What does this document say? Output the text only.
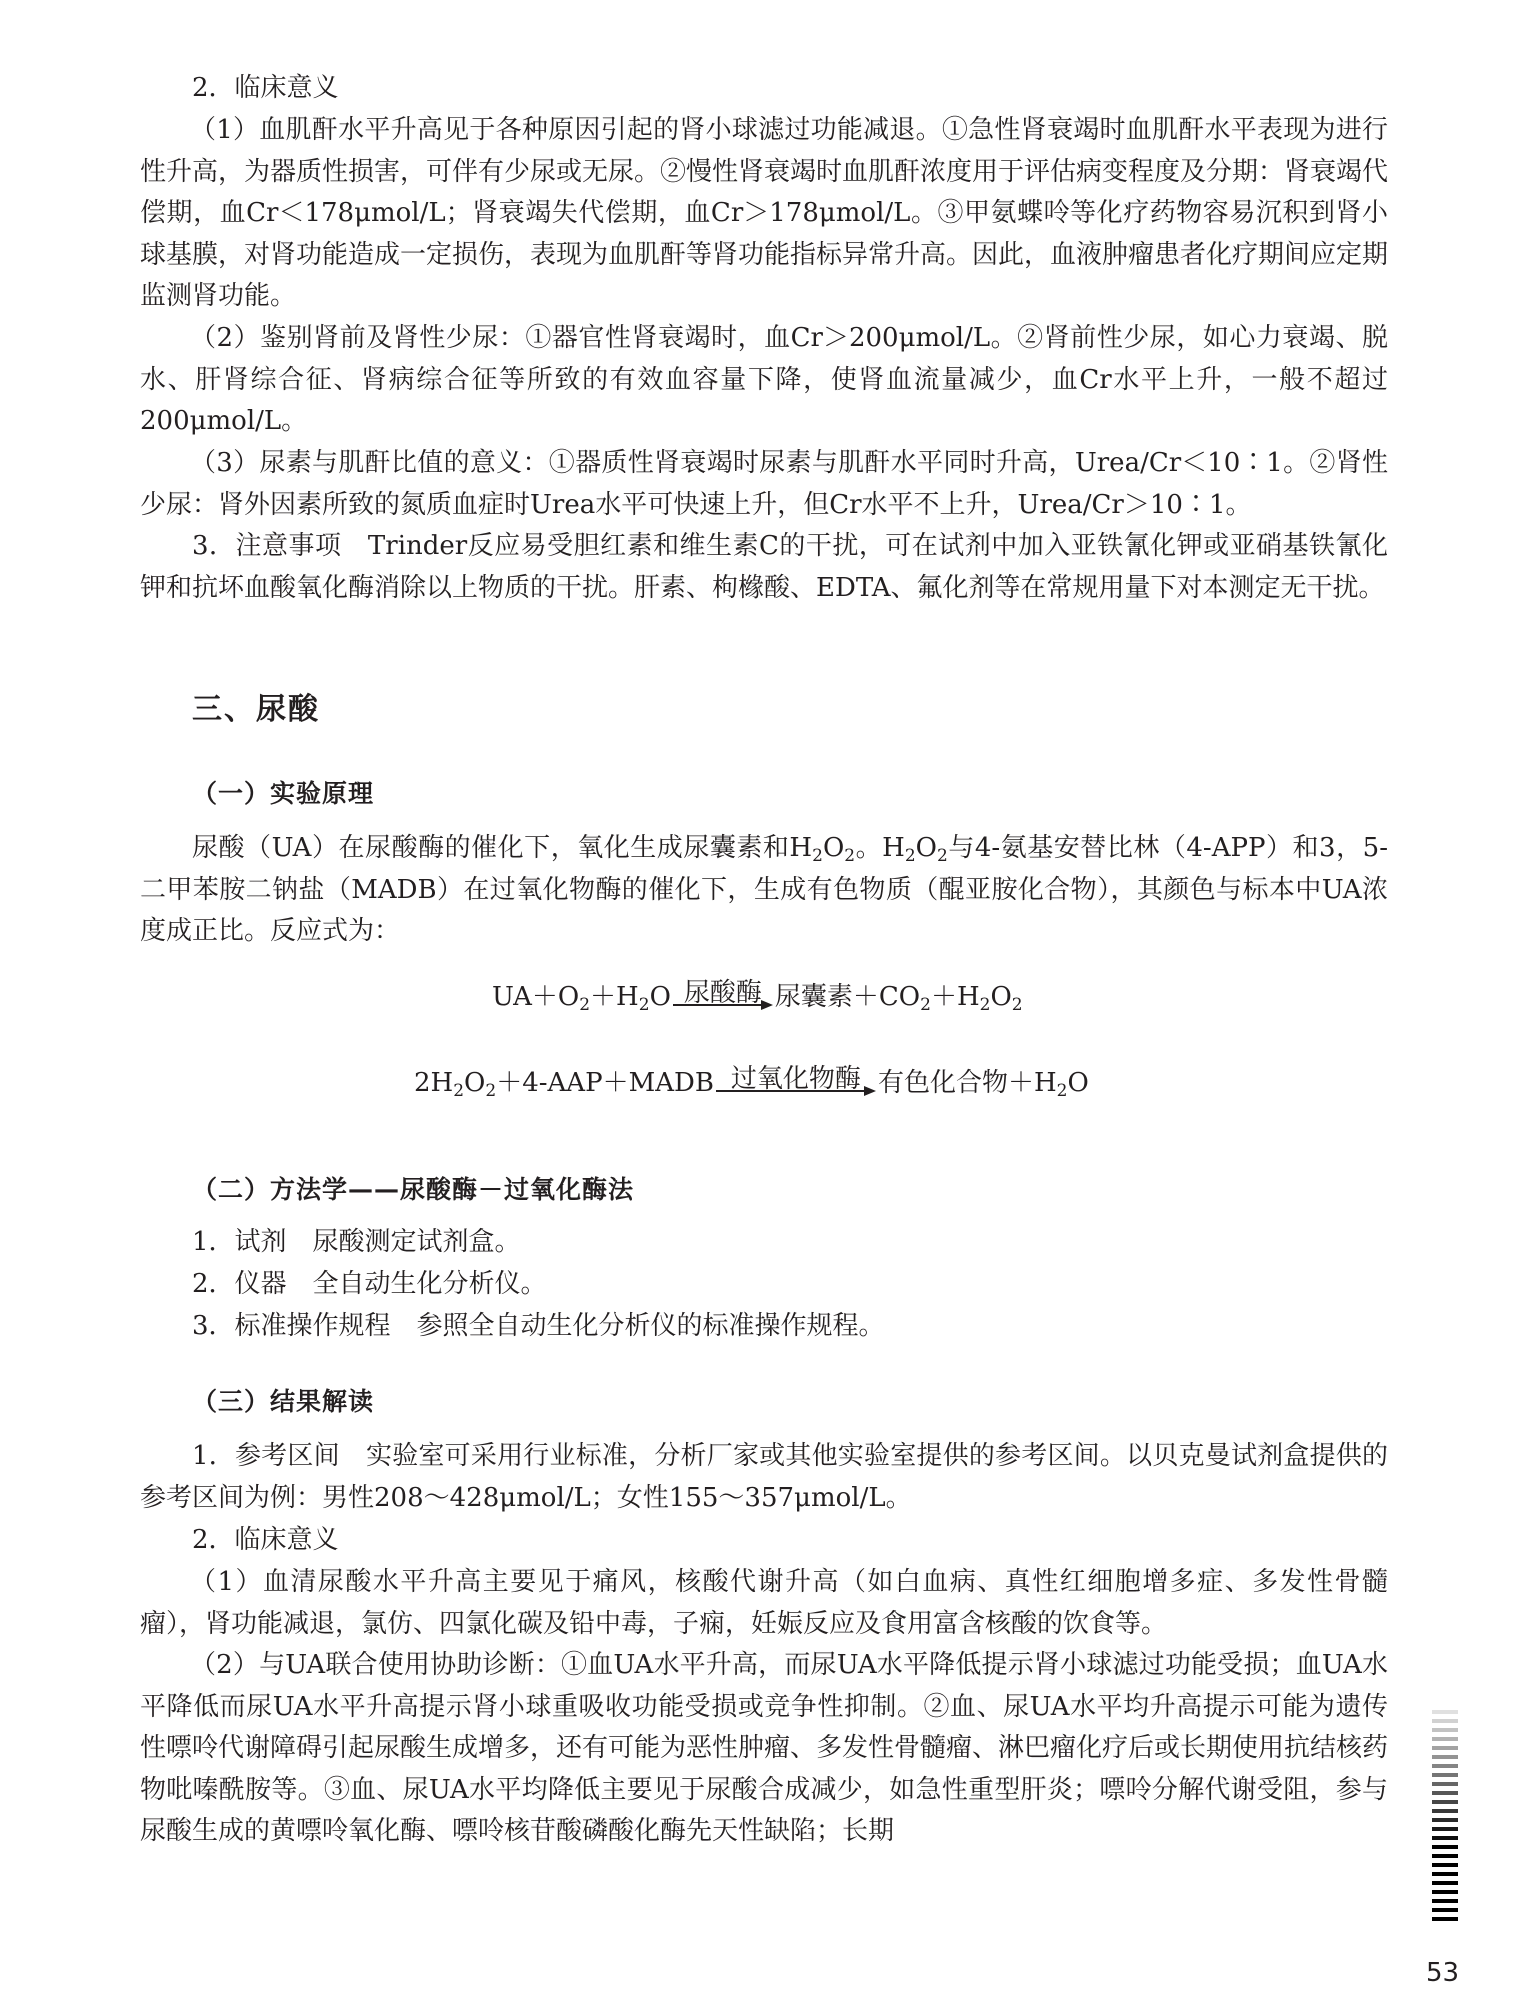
2．临床意义

（1）血肌酐水平升高见于各种原因引起的肾小球滤过功能减退。①急性肾衰竭时血肌酐水平表现为进行性升高，为器质性损害，可伴有少尿或无尿。②慢性肾衰竭时血肌酐浓度用于评估病变程度及分期：肾衰竭代偿期，血Cr＜178μmol/L；肾衰竭失代偿期，血Cr＞178μmol/L。③甲氨蝶呤等化疗药物容易沉积到肾小球基膜，对肾功能造成一定损伤，表现为血肌酐等肾功能指标异常升高。因此，血液肿瘤患者化疗期间应定期监测肾功能。

（2）鉴别肾前及肾性少尿：①器官性肾衰竭时，血Cr＞200μmol/L。②肾前性少尿，如心力衰竭、脱水、肝肾综合征、肾病综合征等所致的有效血容量下降，使肾血流量减少，血Cr水平上升，一般不超过200μmol/L。

（3）尿素与肌酐比值的意义：①器质性肾衰竭时尿素与肌酐水平同时升高，Urea/Cr＜10∶1。②肾性少尿：肾外因素所致的氮质血症时Urea水平可快速上升，但Cr水平不上升，Urea/Cr＞10∶1。

3．注意事项　Trinder反应易受胆红素和维生素C的干扰，可在试剂中加入亚铁氰化钾或亚硝基铁氰化钾和抗坏血酸氧化酶消除以上物质的干扰。肝素、枸橼酸、EDTA、氟化剂等在常规用量下对本测定无干扰。

三、尿酸
（一）实验原理

尿酸（UA）在尿酸酶的催化下，氧化生成尿囊素和$H_2O_2$。$H_2O_2$与4-氨基安替比林（4-APP）和3，5-二甲苯胺二钠盐（MADB）在过氧化物酶的催化下，生成有色物质（醌亚胺化合物），其颜色与标本中UA浓度成正比。反应式为：

$UA+O_2+H_2O$ 尿酸酶 尿囊素$+CO_2+H_2O_2$
$2H_2O_2+4-AAP+MADB$ 过氧化物酶 有色化合物$+H_2O$
（二）方法学——尿酸酶－过氧化酶法
1．试剂　尿酸测定试剂盒。
2．仪器　全自动生化分析仪。
3．标准操作规程　参照全自动生化分析仪的标准操作规程。
（三）结果解读

1．参考区间　实验室可采用行业标准，分析厂家或其他实验室提供的参考区间。以贝克曼试剂盒提供的参考区间为例：男性208～428μmol/L；女性155～357μmol/L。

2．临床意义

（1）血清尿酸水平升高主要见于痛风，核酸代谢升高（如白血病、真性红细胞增多症、多发性骨髓瘤），肾功能减退，氯仿、四氯化碳及铅中毒，子痫，妊娠反应及食用富含核酸的饮食等。

（2）与UA联合使用协助诊断：①血UA水平升高，而尿UA水平降低提示肾小球滤过功能受损；血UA水平降低而尿UA水平升高提示肾小球重吸收功能受损或竞争性抑制。②血、尿UA水平均升高提示可能为遗传性嘌呤代谢障碍引起尿酸生成增多，还有可能为恶性肿瘤、多发性骨髓瘤、淋巴瘤化疗后或长期使用抗结核药物吡嗪酰胺等。③血、尿UA水平均降低主要见于尿酸合成减少，如急性重型肝炎；嘌呤分解代谢受阻，参与尿酸生成的黄嘌呤氧化酶、嘌呤核苷酸磷酸化酶先天性缺陷；长期

53
